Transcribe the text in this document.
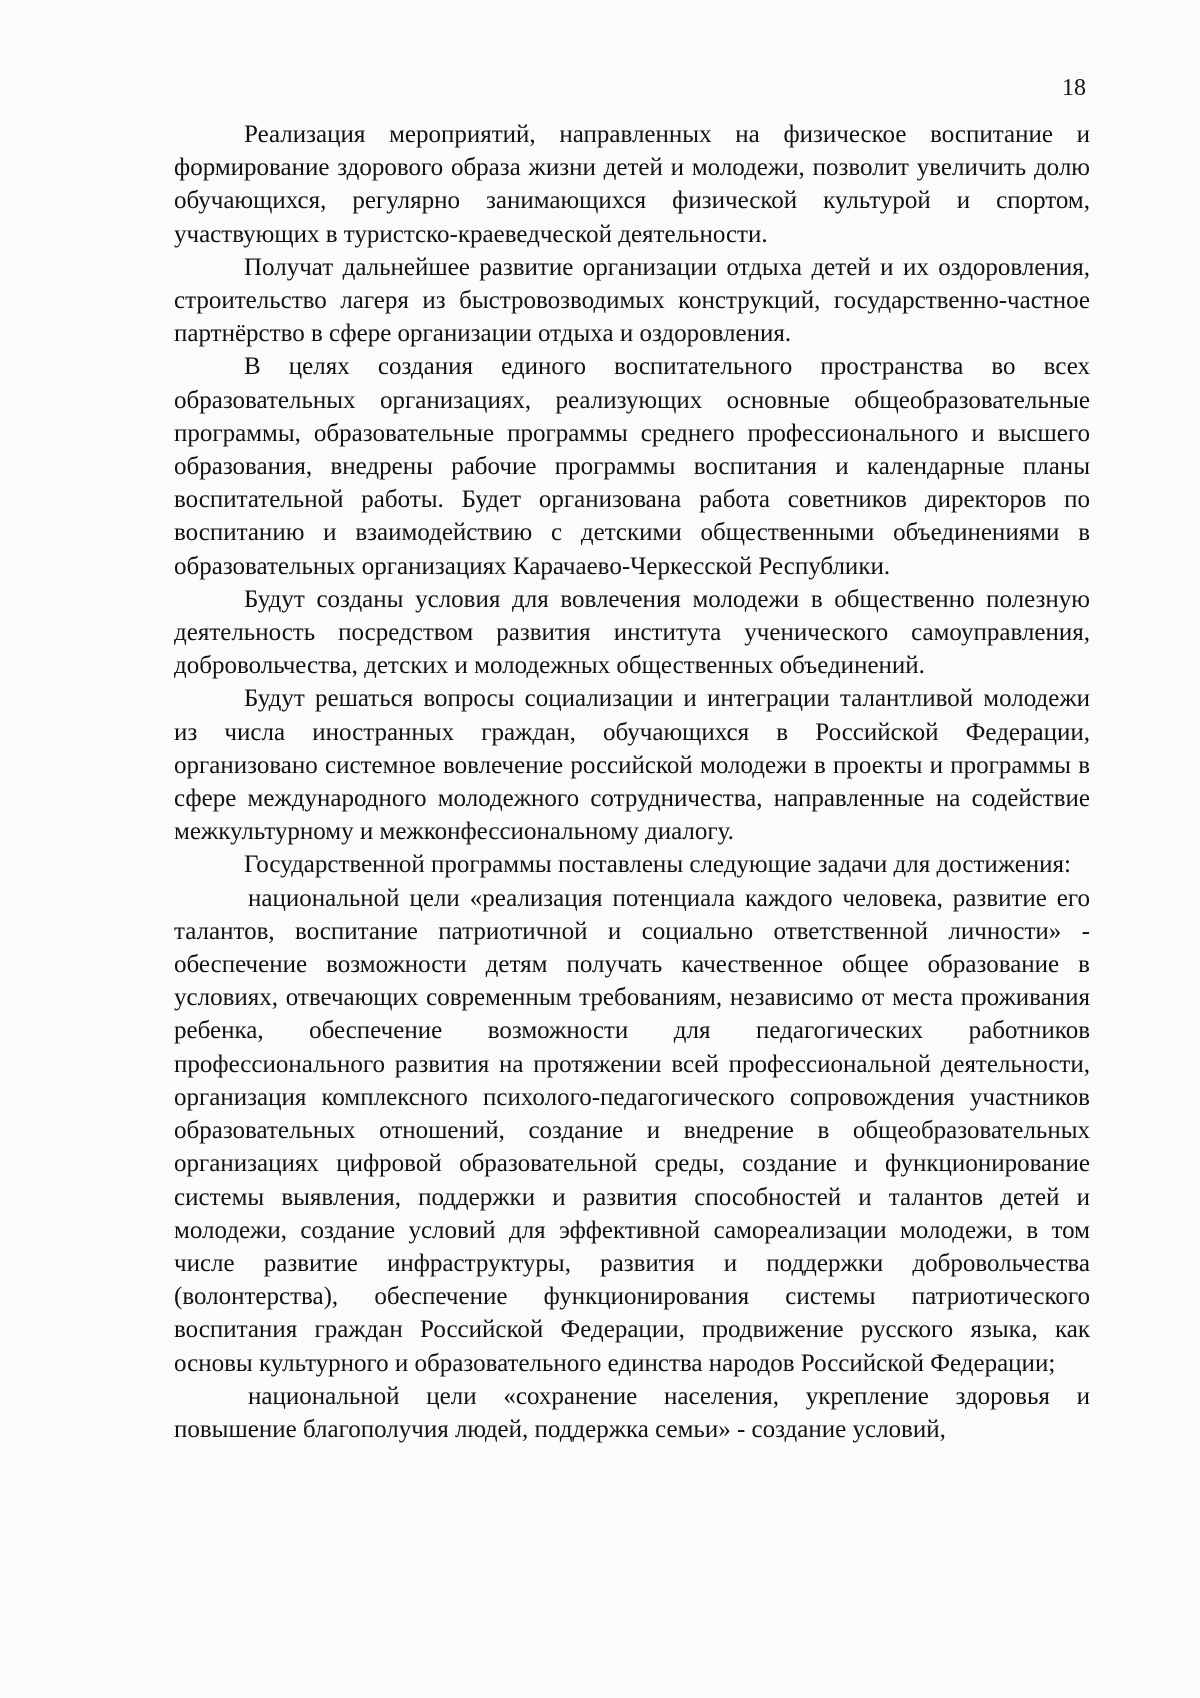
18

Реализация мероприятий, направленных на физическое воспитание и формирование здорового образа жизни детей и молодежи, позволит увеличить долю обучающихся, регулярно занимающихся физической культурой и спортом, участвующих в туристско-краеведческой деятельности.

Получат дальнейшее развитие организации отдыха детей и их оздоровления, строительство лагеря из быстровозводимых конструкций, государственно-частное партнёрство в сфере организации отдыха и оздоровления.

В целях создания единого воспитательного пространства во всех образовательных организациях, реализующих основные общеобразовательные программы, образовательные программы среднего профессионального и высшего образования, внедрены рабочие программы воспитания и календарные планы воспитательной работы. Будет организована работа советников директоров по воспитанию и взаимодействию с детскими общественными объединениями в образовательных организациях Карачаево-Черкесской Республики.

Будут созданы условия для вовлечения молодежи в общественно полезную деятельность посредством развития института ученического самоуправления, добровольчества, детских и молодежных общественных объединений.

Будут решаться вопросы социализации и интеграции талантливой молодежи из числа иностранных граждан, обучающихся в Российской Федерации, организовано системное вовлечение российской молодежи в проекты и программы в сфере международного молодежного сотрудничества, направленные на содействие межкультурному и межконфессиональному диалогу.

Государственной программы поставлены следующие задачи для достижения:

национальной цели «реализация потенциала каждого человека, развитие его талантов, воспитание патриотичной и социально ответственной личности» - обеспечение возможности детям получать качественное общее образование в условиях, отвечающих современным требованиям, независимо от места проживания ребенка, обеспечение возможности для педагогических работников профессионального развития на протяжении всей профессиональной деятельности, организация комплексного психолого-педагогического сопровождения участников образовательных отношений, создание и внедрение в общеобразовательных организациях цифровой образовательной среды, создание и функционирование системы выявления, поддержки и развития способностей и талантов детей и молодежи, создание условий для эффективной самореализации молодежи, в том числе развитие инфраструктуры, развития и поддержки добровольчества (волонтерства), обеспечение функционирования системы патриотического воспитания граждан Российской Федерации, продвижение русского языка, как основы культурного и образовательного единства народов Российской Федерации;

национальной цели «сохранение населения, укрепление здоровья и повышение благополучия людей, поддержка семьи» - создание условий,
